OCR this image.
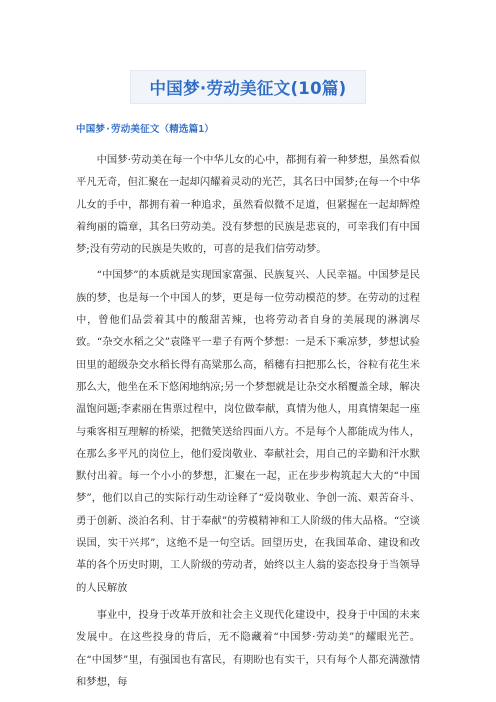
中国梦·劳动美征文(10篇)
中国梦·劳动美征文（精选篇1）

中国梦·劳动美在每一个中华儿女的心中，都拥有着一种梦想，虽然看似平凡无奇，但汇聚在一起却闪耀着灵动的光芒，其名曰中国梦;在每一个中华儿女的手中，都拥有着一种追求，虽然看似微不足道，但紧握在一起却辉煌着绚丽的篇章，其名曰劳动美。没有梦想的民族是悲哀的，可幸我们有中国梦;没有劳动的民族是失败的，可喜的是我们信劳动梦。

“中国梦”的本质就是实现国家富强、民族复兴、人民幸福。中国梦是民族的梦，也是每一个中国人的梦，更是每一位劳动模范的梦。在劳动的过程中，曾他们品尝着其中的酸甜苦辣，也将劳动者自身的美展现的淋漓尽致。“杂交水稻之父”袁隆平一辈子有两个梦想：一是禾下乘凉梦，梦想试验田里的超级杂交水稻长得有高粱那么高，稻穗有扫把那么长，谷粒有花生米那么大，他坐在禾下悠闲地纳凉;另一个梦想就是让杂交水稻覆盖全球，解决温饱问题;李素丽在售票过程中，岗位做奉献，真情为他人，用真情架起一座与乘客相互理解的桥梁，把微笑送给四面八方。不是每个人都能成为伟人，在那么多平凡的岗位上，他们爱岗敬业、奉献社会，用自己的辛勤和汗水默默付出着。每一个小小的梦想，汇聚在一起，正在步步构筑起大大的“中国梦”，他们以自己的实际行动生动诠释了“爱岗敬业、争创一流、艰苦奋斗、勇于创新、淡泊名利、甘于奉献”的劳模精神和工人阶级的伟大品格。“空谈误国，实干兴邦”，这绝不是一句空话。回望历史，在我国革命、建设和改革的各个历史时期，工人阶级的劳动者，始终以主人翁的姿态投身于当领导的人民解放

事业中，投身于改革开放和社会主义现代化建设中，投身于中国的未来发展中。在这些投身的背后，无不隐藏着“中国梦·劳动美”的耀眼光芒。在“中国梦”里，有强国也有富民，有期盼也有实干，只有每个人都充满激情和梦想，每
